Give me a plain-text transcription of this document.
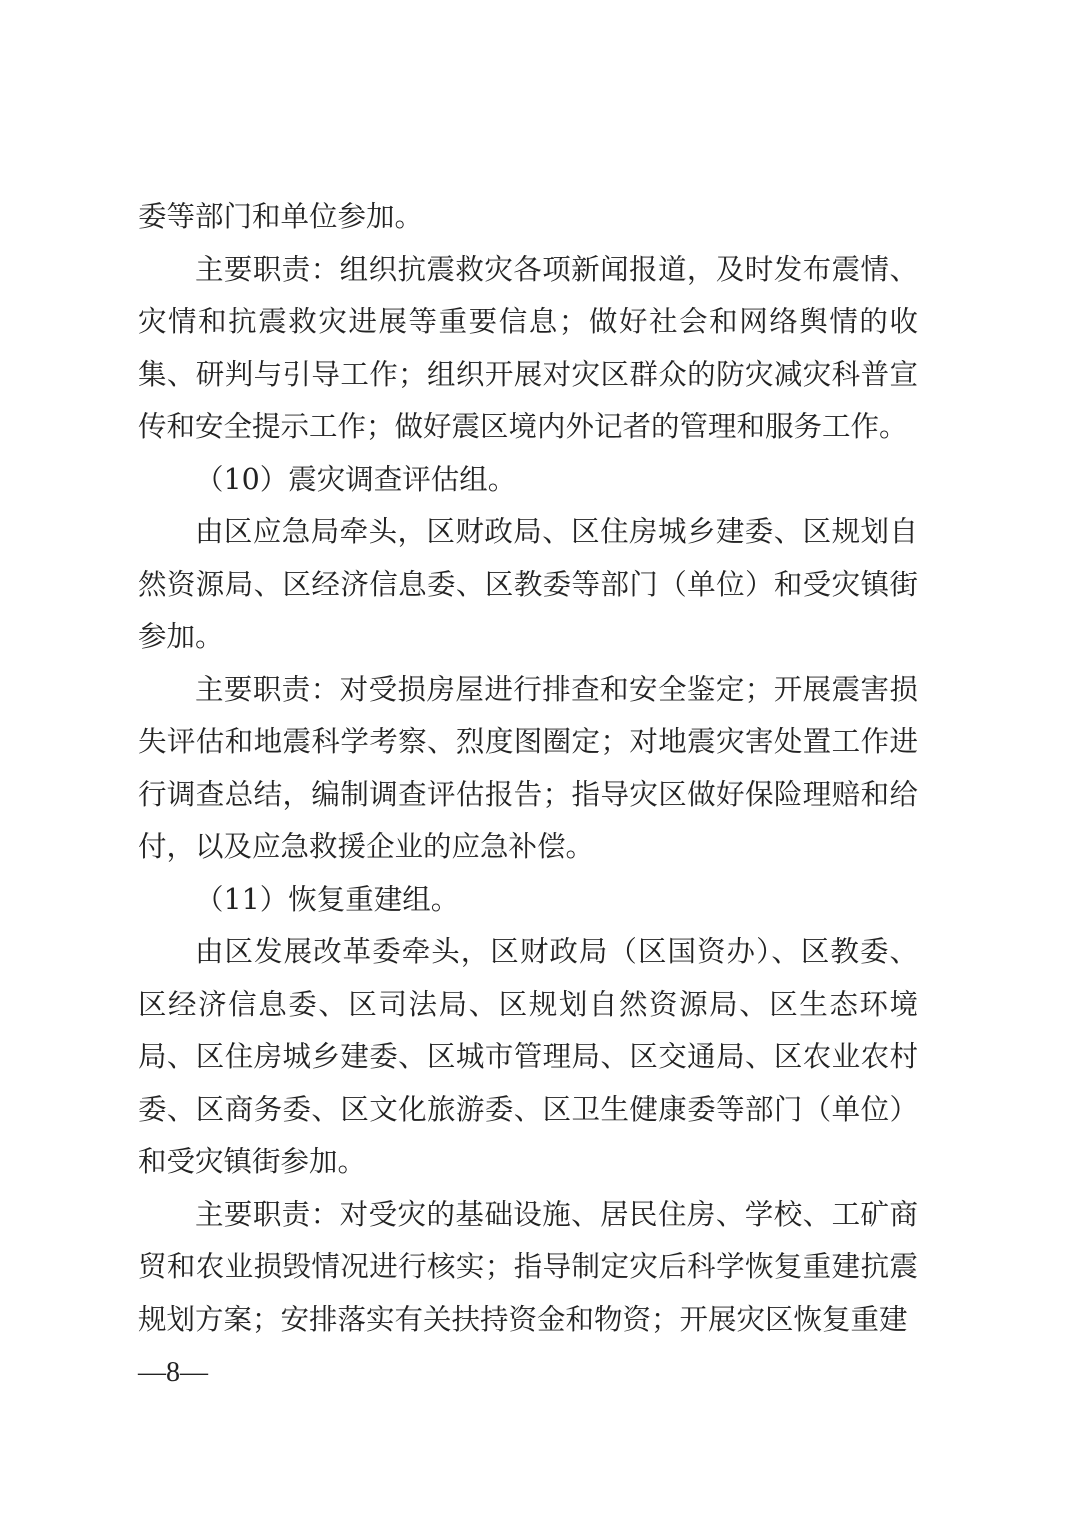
委等部门和单位参加。

主要职责：组织抗震救灾各项新闻报道，及时发布震情、灾情和抗震救灾进展等重要信息；做好社会和网络舆情的收集、研判与引导工作；组织开展对灾区群众的防灾减灾科普宣传和安全提示工作；做好震区境内外记者的管理和服务工作。

（10）震灾调查评估组。

由区应急局牵头，区财政局、区住房城乡建委、区规划自然资源局、区经济信息委、区教委等部门（单位）和受灾镇街参加。

主要职责：对受损房屋进行排查和安全鉴定；开展震害损失评估和地震科学考察、烈度图圈定；对地震灾害处置工作进行调查总结，编制调查评估报告；指导灾区做好保险理赔和给付，以及应急救援企业的应急补偿。

（11）恢复重建组。

由区发展改革委牵头，区财政局（区国资办）、区教委、区经济信息委、区司法局、区规划自然资源局、区生态环境局、区住房城乡建委、区城市管理局、区交通局、区农业农村委、区商务委、区文化旅游委、区卫生健康委等部门（单位）和受灾镇街参加。

主要职责：对受灾的基础设施、居民住房、学校、工矿商贸和农业损毁情况进行核实；指导制定灾后科学恢复重建抗震规划方案；安排落实有关扶持资金和物资；开展灾区恢复重建

—8—
